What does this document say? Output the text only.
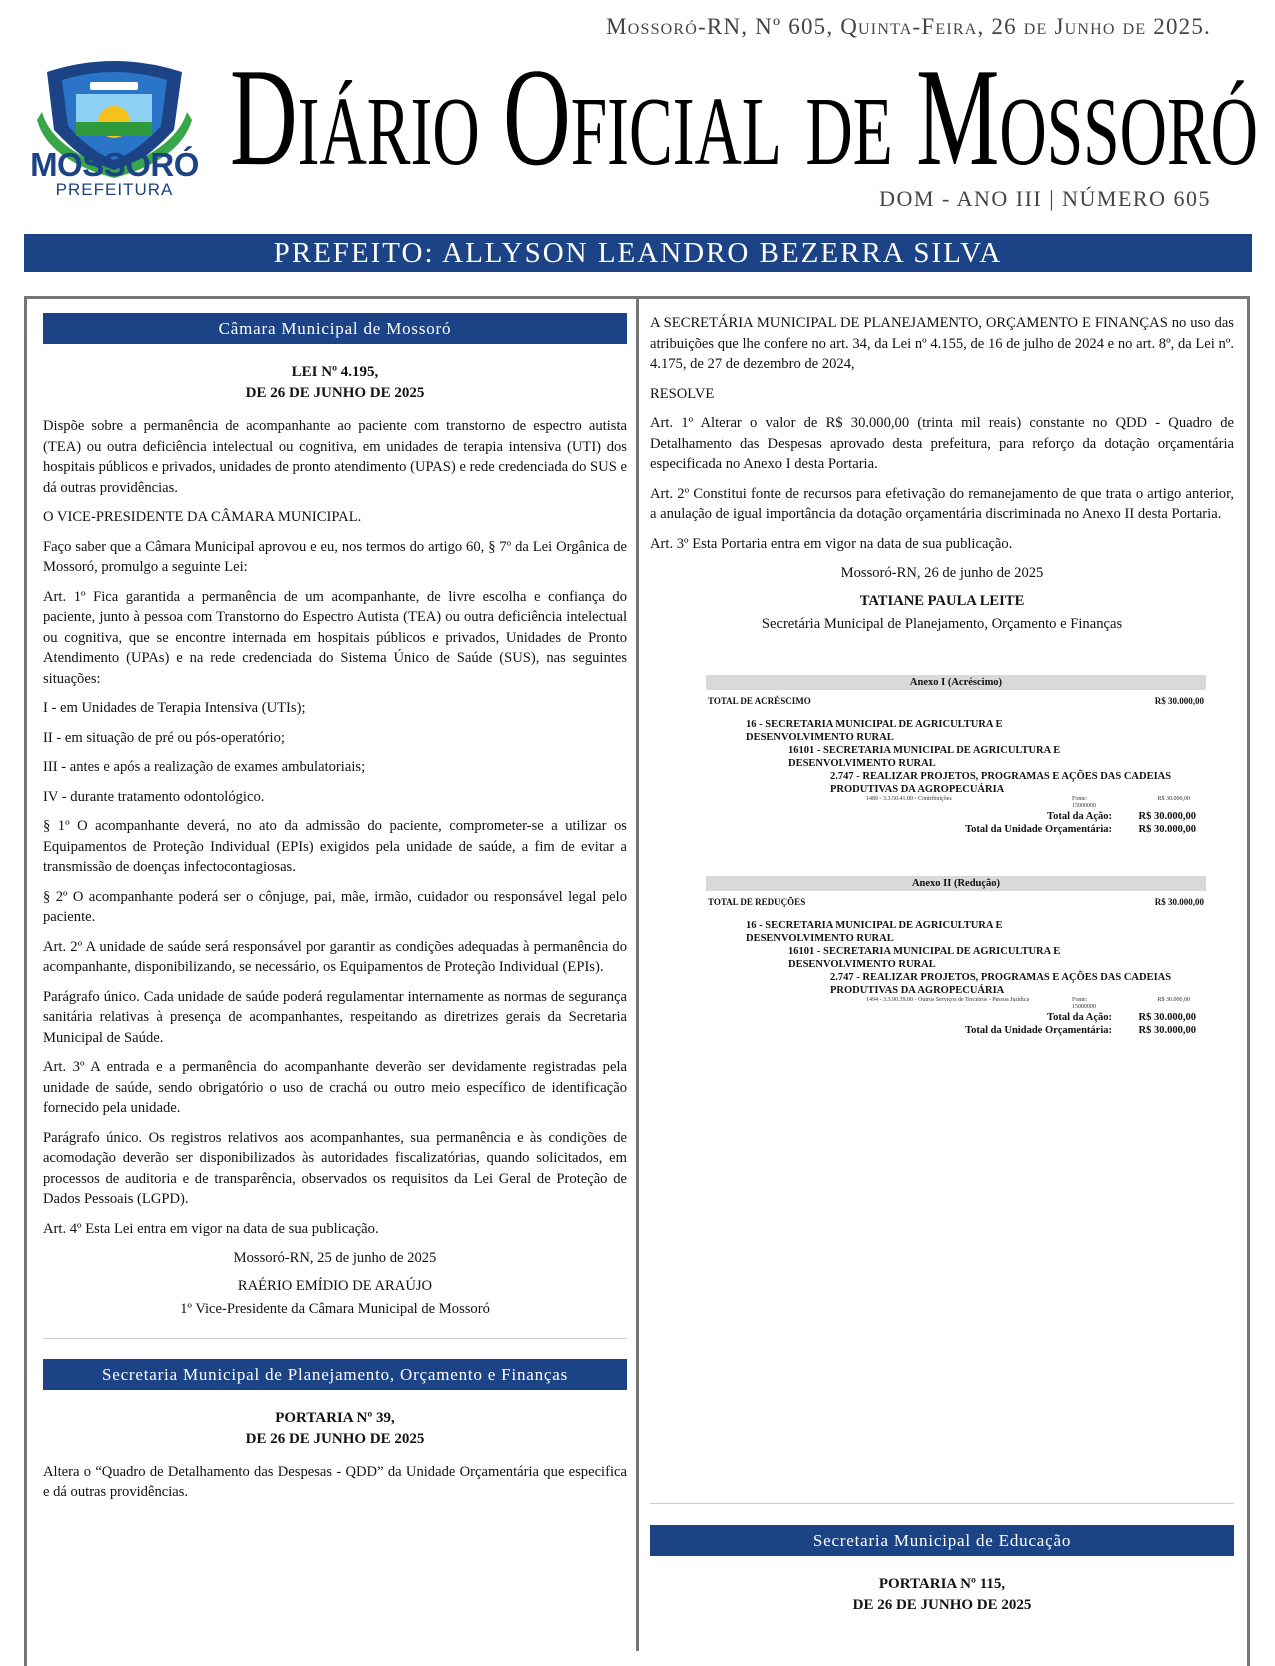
Mossoró-RN, Nº 605, Quinta-Feira, 26 de Junho de 2025.
MOSSORÓ
PREFEITURA Diário Oficial de Mossoró
DOM - ANO III | NÚMERO 605
PREFEITO: ALLYSON LEANDRO BEZERRA SILVA
Câmara Municipal de Mossoró
LEI Nº 4.195,
DE 26 DE JUNHO DE 2025

Dispõe sobre a permanência de acompanhante ao paciente com transtorno de espectro autista (TEA) ou outra deficiência intelectual ou cognitiva, em unidades de terapia intensiva (UTI) dos hospitais públicos e privados, unidades de pronto atendimento (UPAS) e rede credenciada do SUS e dá outras providências.

O VICE-PRESIDENTE DA CÂMARA MUNICIPAL.

Faço saber que a Câmara Municipal aprovou e eu, nos termos do artigo 60, § 7º da Lei Orgânica de Mossoró, promulgo a seguinte Lei:

Art. 1º Fica garantida a permanência de um acompanhante, de livre escolha e confiança do paciente, junto à pessoa com Transtorno do Espectro Autista (TEA) ou outra deficiência intelectual ou cognitiva, que se encontre internada em hospitais públicos e privados, Unidades de Pronto Atendimento (UPAs) e na rede credenciada do Sistema Único de Saúde (SUS), nas seguintes situações:

I - em Unidades de Terapia Intensiva (UTIs);

II - em situação de pré ou pós-operatório;

III - antes e após a realização de exames ambulatoriais;

IV - durante tratamento odontológico.

§ 1º O acompanhante deverá, no ato da admissão do paciente, comprometer-se a utilizar os Equipamentos de Proteção Individual (EPIs) exigidos pela unidade de saúde, a fim de evitar a transmissão de doenças infectocontagiosas.

§ 2º O acompanhante poderá ser o cônjuge, pai, mãe, irmão, cuidador ou responsável legal pelo paciente.

Art. 2º A unidade de saúde será responsável por garantir as condições adequadas à permanência do acompanhante, disponibilizando, se necessário, os Equipamentos de Proteção Individual (EPIs).

Parágrafo único. Cada unidade de saúde poderá regulamentar internamente as normas de segurança sanitária relativas à presença de acompanhantes, respeitando as diretrizes gerais da Secretaria Municipal de Saúde.

Art. 3º A entrada e a permanência do acompanhante deverão ser devidamente registradas pela unidade de saúde, sendo obrigatório o uso de crachá ou outro meio específico de identificação fornecido pela unidade.

Parágrafo único. Os registros relativos aos acompanhantes, sua permanência e às condições de acomodação deverão ser disponibilizados às autoridades fiscalizatórias, quando solicitados, em processos de auditoria e de transparência, observados os requisitos da Lei Geral de Proteção de Dados Pessoais (LGPD).

Art. 4º Esta Lei entra em vigor na data de sua publicação.

Mossoró-RN, 25 de junho de 2025

RAÉRIO EMÍDIO DE ARAÚJO
1º Vice-Presidente da Câmara Municipal de Mossoró
Secretaria Municipal de Planejamento, Orçamento e Finanças
PORTARIA Nº 39,
DE 26 DE JUNHO DE 2025

Altera o “Quadro de Detalhamento das Despesas - QDD” da Unidade Orçamentária que especifica e dá outras providências.

A SECRETÁRIA MUNICIPAL DE PLANEJAMENTO, ORÇAMENTO E FINANÇAS no uso das atribuições que lhe confere no art. 34, da Lei nº 4.155, de 16 de julho de 2024 e no art. 8º, da Lei nº. 4.175, de 27 de dezembro de 2024,

RESOLVE

Art. 1º Alterar o valor de R$ 30.000,00 (trinta mil reais) constante no QDD - Quadro de Detalhamento das Despesas aprovado desta prefeitura, para reforço da dotação orçamentária especificada no Anexo I desta Portaria.

Art. 2º Constitui fonte de recursos para efetivação do remanejamento de que trata o artigo anterior, a anulação de igual importância da dotação orçamentária discriminada no Anexo II desta Portaria.

Art. 3º Esta Portaria entra em vigor na data de sua publicação.

Mossoró-RN, 26 de junho de 2025

TATIANE PAULA LEITE
Secretária Municipal de Planejamento, Orçamento e Finanças
Anexo I (Acréscimo)
TOTAL DE ACRÉSCIMO	R$ 30.000,00
16 - SECRETARIA MUNICIPAL DE AGRICULTURA E DESENVOLVIMENTO RURAL
16101 - SECRETARIA MUNICIPAL DE AGRICULTURA E DESENVOLVIMENTO RURAL
2.747 - REALIZAR PROJETOS, PROGRAMAS E AÇÕES DAS CADEIAS PRODUTIVAS DA AGROPECUÁRIA
1489 - 3.3.50.41.00 - Contribuições	Fonte:
15000000
R$ 30.000,00
Total da Ação:	R$ 30.000,00
Total da Unidade Orçamentária:	R$ 30.000,00
Anexo II (Redução)
TOTAL DE REDUÇÕES	R$ 30.000,00
16 - SECRETARIA MUNICIPAL DE AGRICULTURA E DESENVOLVIMENTO RURAL
16101 - SECRETARIA MUNICIPAL DE AGRICULTURA E DESENVOLVIMENTO RURAL
2.747 - REALIZAR PROJETOS, PROGRAMAS E AÇÕES DAS CADEIAS PRODUTIVAS DA AGROPECUÁRIA
1494 - 3.3.90.39.00 - Outros Serviços de Terceiros - Pessoa Jurídica	Fonte:
15000000
R$ 30.000,00
Total da Ação:	R$ 30.000,00
Total da Unidade Orçamentária:	R$ 30.000,00
Secretaria Municipal de Educação
PORTARIA Nº 115,
DE 26 DE JUNHO DE 2025
